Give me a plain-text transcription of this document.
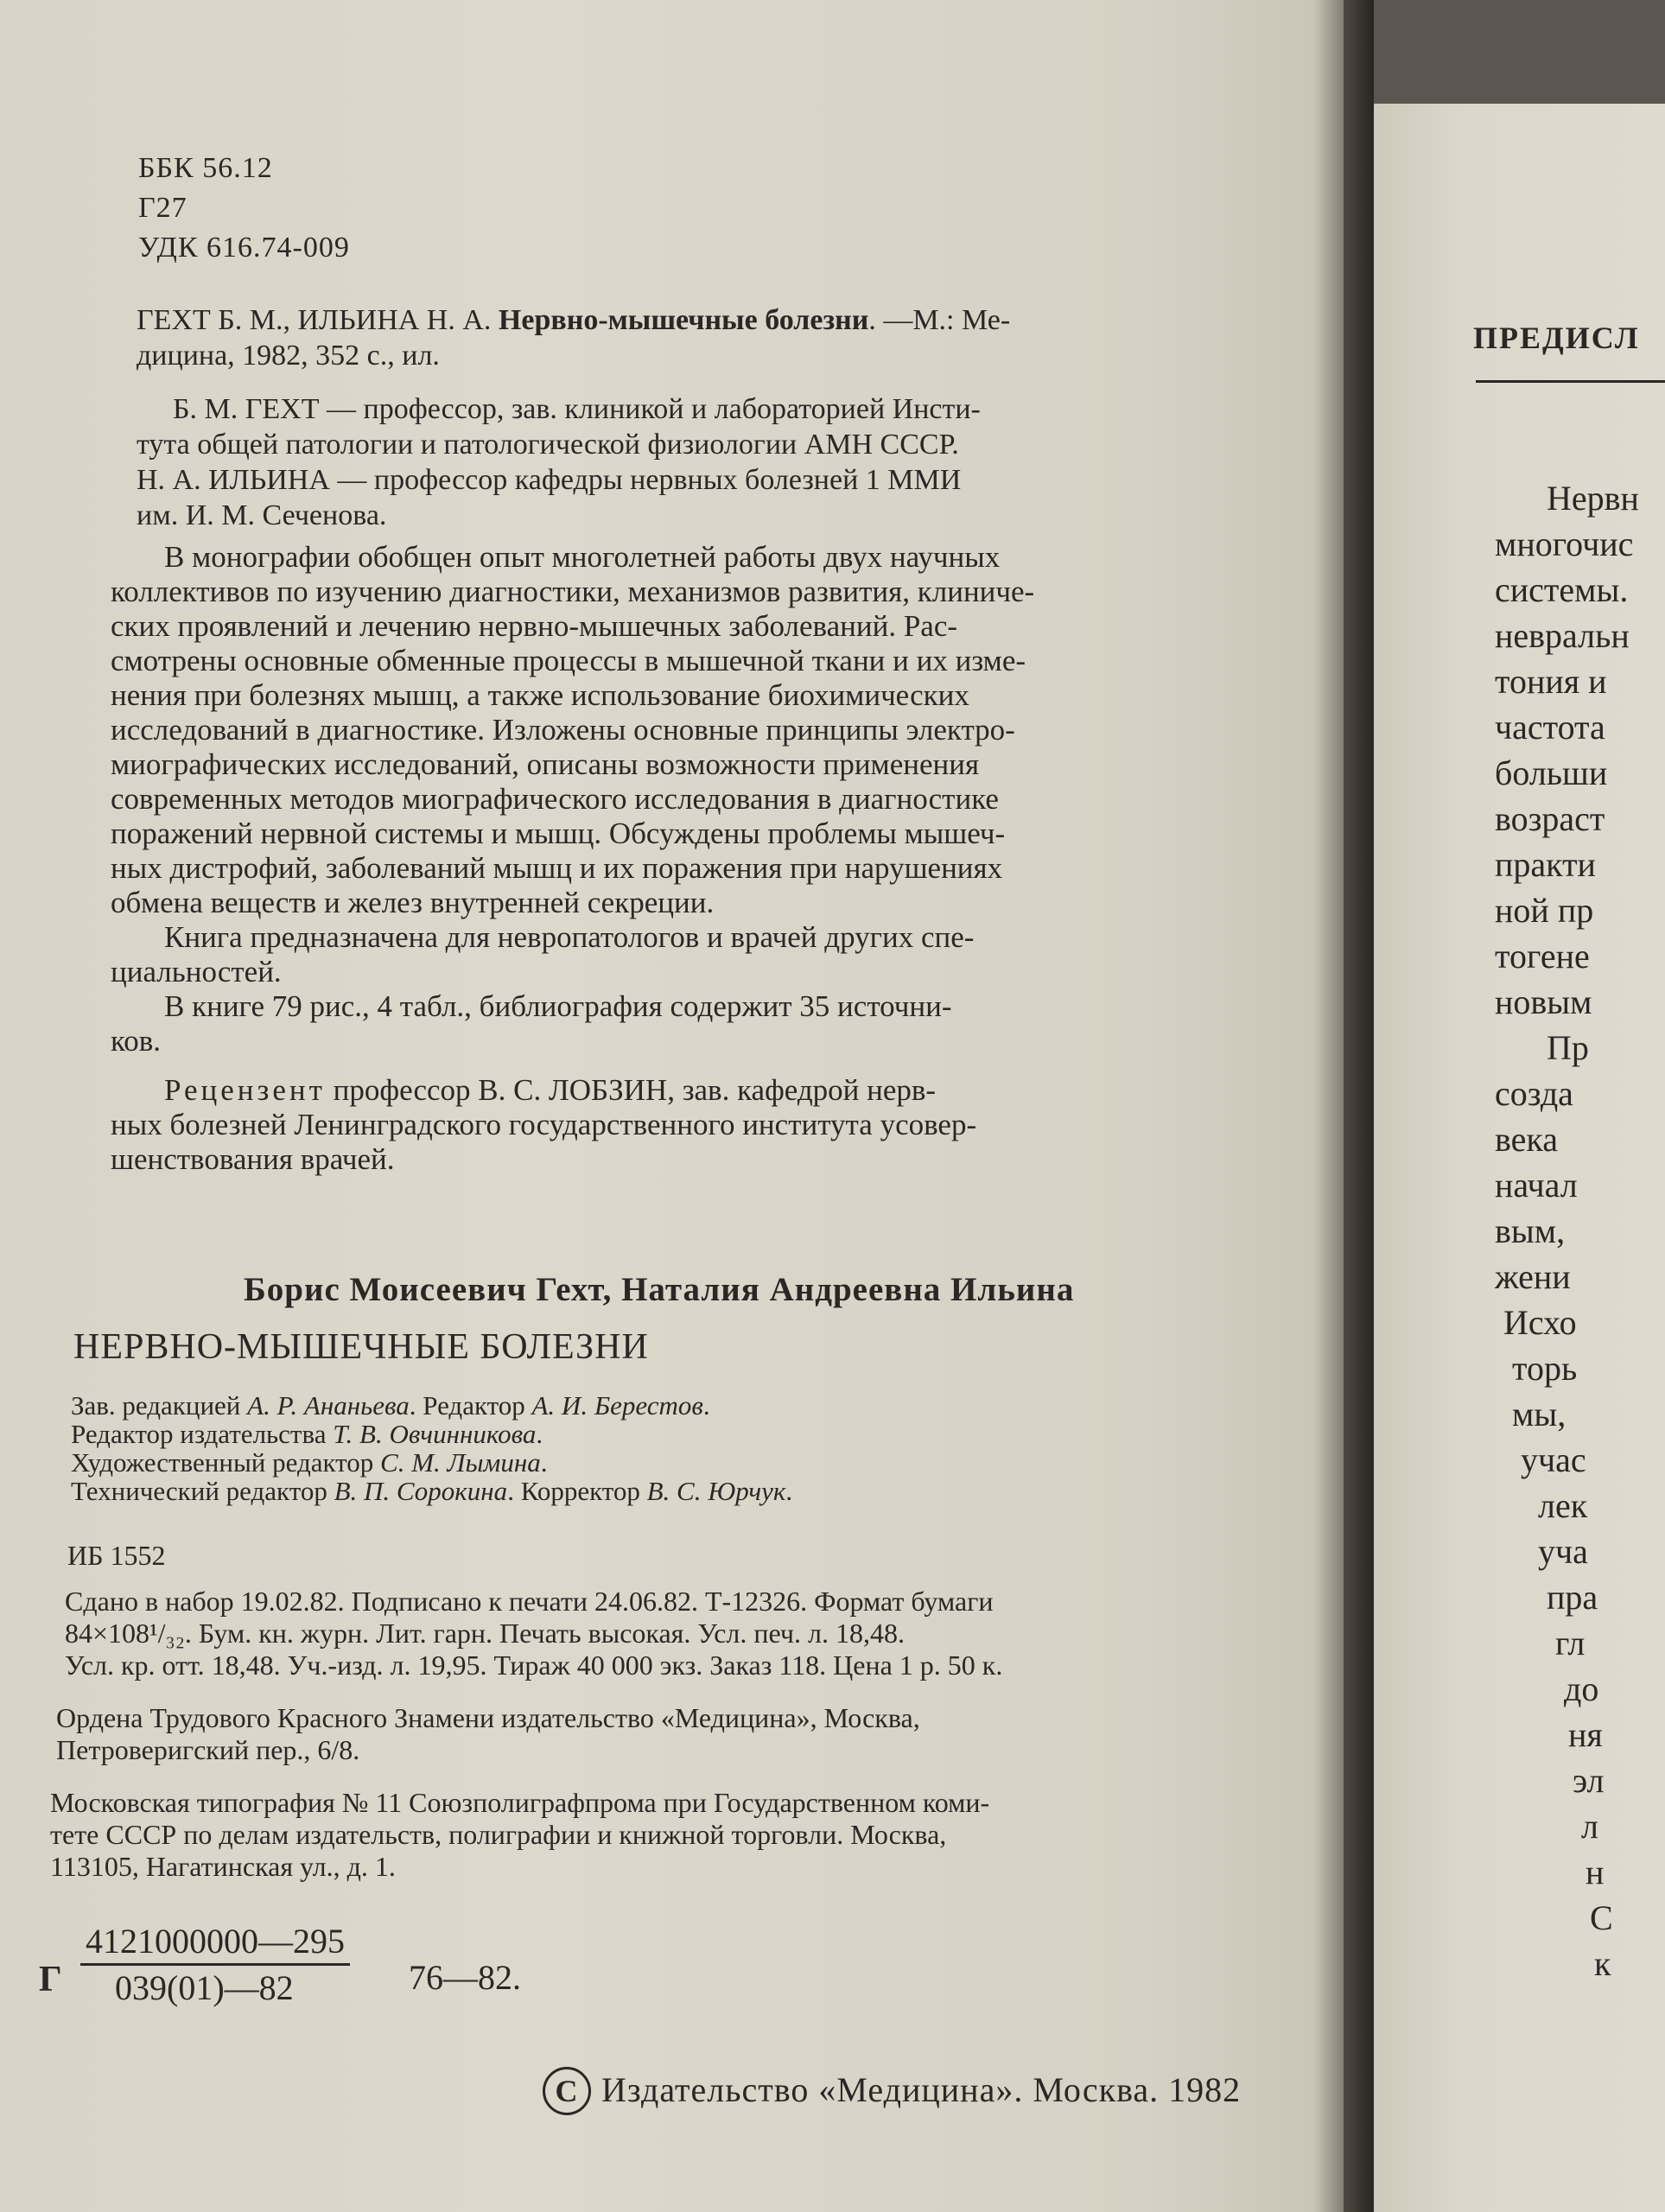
ББК 56.12
Г27
УДК 616.74-009
ГЕХТ Б. М., ИЛЬИНА Н. А. Нервно-мышечные болезни. —М.: Ме-
дицина, 1982, 352 с., ил.
Б. М. ГЕХТ — профессор, зав. клиникой и лабораторией Инсти-
тута общей патологии и патологической физиологии АМН СССР.
Н. А. ИЛЬИНА — профессор кафедры нервных болезней 1 ММИ
им. И. М. Сеченова.
В монографии обобщен опыт многолетней работы двух научных
коллективов по изучению диагностики, механизмов развития, клиниче-
ских проявлений и лечению нервно-мышечных заболеваний. Рас-
смотрены основные обменные процессы в мышечной ткани и их изме-
нения при болезнях мышц, а также использование биохимических
исследований в диагностике. Изложены основные принципы электро-
миографических исследований, описаны возможности применения
современных методов миографического исследования в диагностике
поражений нервной системы и мышц. Обсуждены проблемы мышеч-
ных дистрофий, заболеваний мышц и их поражения при нарушениях
обмена веществ и желез внутренней секреции.
Книга предназначена для невропатологов и врачей других спе-
циальностей.
В книге 79 рис., 4 табл., библиография содержит 35 источни-
ков.
Рецензент профессор В. С. ЛОБЗИН, зав. кафедрой нерв-
ных болезней Ленинградского государственного института усовер-
шенствования врачей.
Борис Моисеевич Гехт, Наталия Андреевна Ильина
НЕРВНО-МЫШЕЧНЫЕ БОЛЕЗНИ
Зав. редакцией А. Р. Ананьева. Редактор А. И. Берестов.
Редактор издательства Т. В. Овчинникова.
Художественный редактор С. М. Лымина.
Технический редактор В. П. Сорокина. Корректор В. С. Юрчук.
ИБ 1552
Сдано в набор 19.02.82. Подписано к печати 24.06.82. Т-12326. Формат бумаги
84×108¹/₃₂. Бум. кн. журн. Лит. гарн. Печать высокая. Усл. печ. л. 18,48.
Усл. кр. отт. 18,48. Уч.-изд. л. 19,95. Тираж 40 000 экз. Заказ 118. Цена 1 р. 50 к.
Ордена Трудового Красного Знамени издательство «Медицина», Москва,
Петроверигский пер., 6/8.
Московская типография № 11 Союзполиграфпрома при Государственном коми-
тете СССР по делам издательств, полиграфии и книжной торговли. Москва,
113105, Нагатинская ул., д. 1.
Г $\frac{4121000000—295}{039(01)—82}$ 76—82.
C Издательство «Медицина». Москва. 1982
ПРЕДИСЛ
Нервн
многочис
системы.
невральн
тония и
частота
больши
возраст
практи
ной пр
тогене
новым
Пр
созда
века
начал
вым,
жени
Исхо
торь
мы,
учас
лек
уча
пра
гл
до
ня
эл
л
н
С
к
